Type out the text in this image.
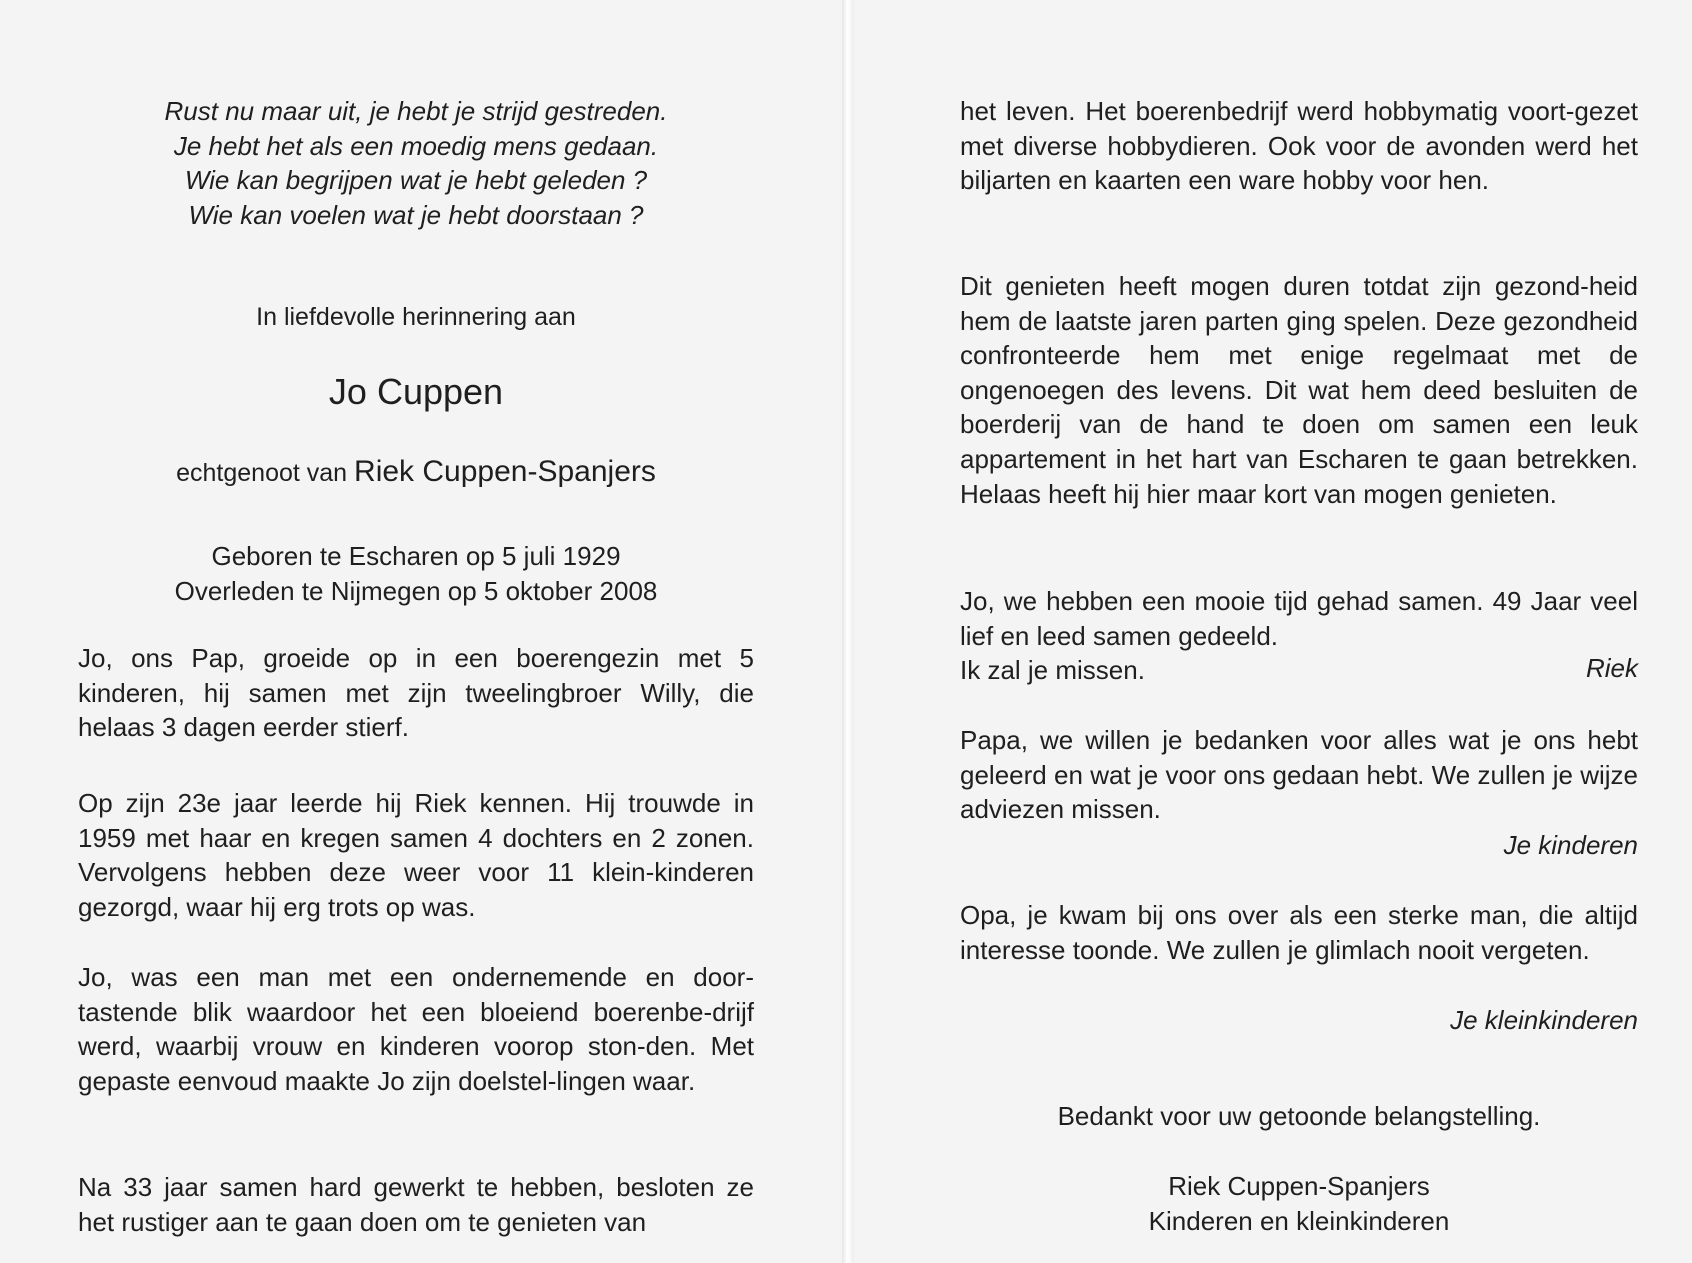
Rust nu maar uit, je hebt je strijd gestreden.
Je hebt het als een moedig mens gedaan.
Wie kan begrijpen wat je hebt geleden ?
Wie kan voelen wat je hebt doorstaan ?
In liefdevolle herinnering aan
Jo Cuppen
echtgenoot van Riek Cuppen-Spanjers
Geboren te Escharen op 5 juli 1929
Overleden te Nijmegen op 5 oktober 2008
Jo, ons Pap, groeide op in een boerengezin met 5 kinderen, hij samen met zijn tweelingbroer Willy, die helaas 3 dagen eerder stierf.
Op zijn 23e jaar leerde hij Riek kennen. Hij trouwde in 1959 met haar en kregen samen 4 dochters en 2 zonen. Vervolgens hebben deze weer voor 11 klein-kinderen gezorgd, waar hij erg trots op was.
Jo, was een man met een ondernemende en door-tastende blik waardoor het een bloeiend boerenbe-drijf werd, waarbij vrouw en kinderen voorop ston-den. Met gepaste eenvoud maakte Jo zijn doelstel-lingen waar.
Na 33 jaar samen hard gewerkt te hebben, besloten ze het rustiger aan te gaan doen om te genieten van
het leven. Het boerenbedrijf werd hobbymatig voort-gezet met diverse hobbydieren. Ook voor de avonden werd het biljarten en kaarten een ware hobby voor hen.
Dit genieten heeft mogen duren totdat zijn gezond-heid hem de laatste jaren parten ging spelen. Deze gezondheid confronteerde hem met enige regelmaat met de ongenoegen des levens. Dit wat hem deed besluiten de boerderij van de hand te doen om samen een leuk appartement in het hart van Escharen te gaan betrekken. Helaas heeft hij hier maar kort van mogen genieten.
Jo, we hebben een mooie tijd gehad samen. 49 Jaar veel lief en leed samen gedeeld.
Ik zal je missen.	Riek
Papa, we willen je bedanken voor alles wat je ons hebt geleerd en wat je voor ons gedaan hebt. We zullen je wijze adviezen missen.
Je kinderen
Opa, je kwam bij ons over als een sterke man, die altijd interesse toonde. We zullen je glimlach nooit vergeten.
Je kleinkinderen
Bedankt voor uw getoonde belangstelling.
Riek Cuppen-Spanjers
Kinderen en kleinkinderen
